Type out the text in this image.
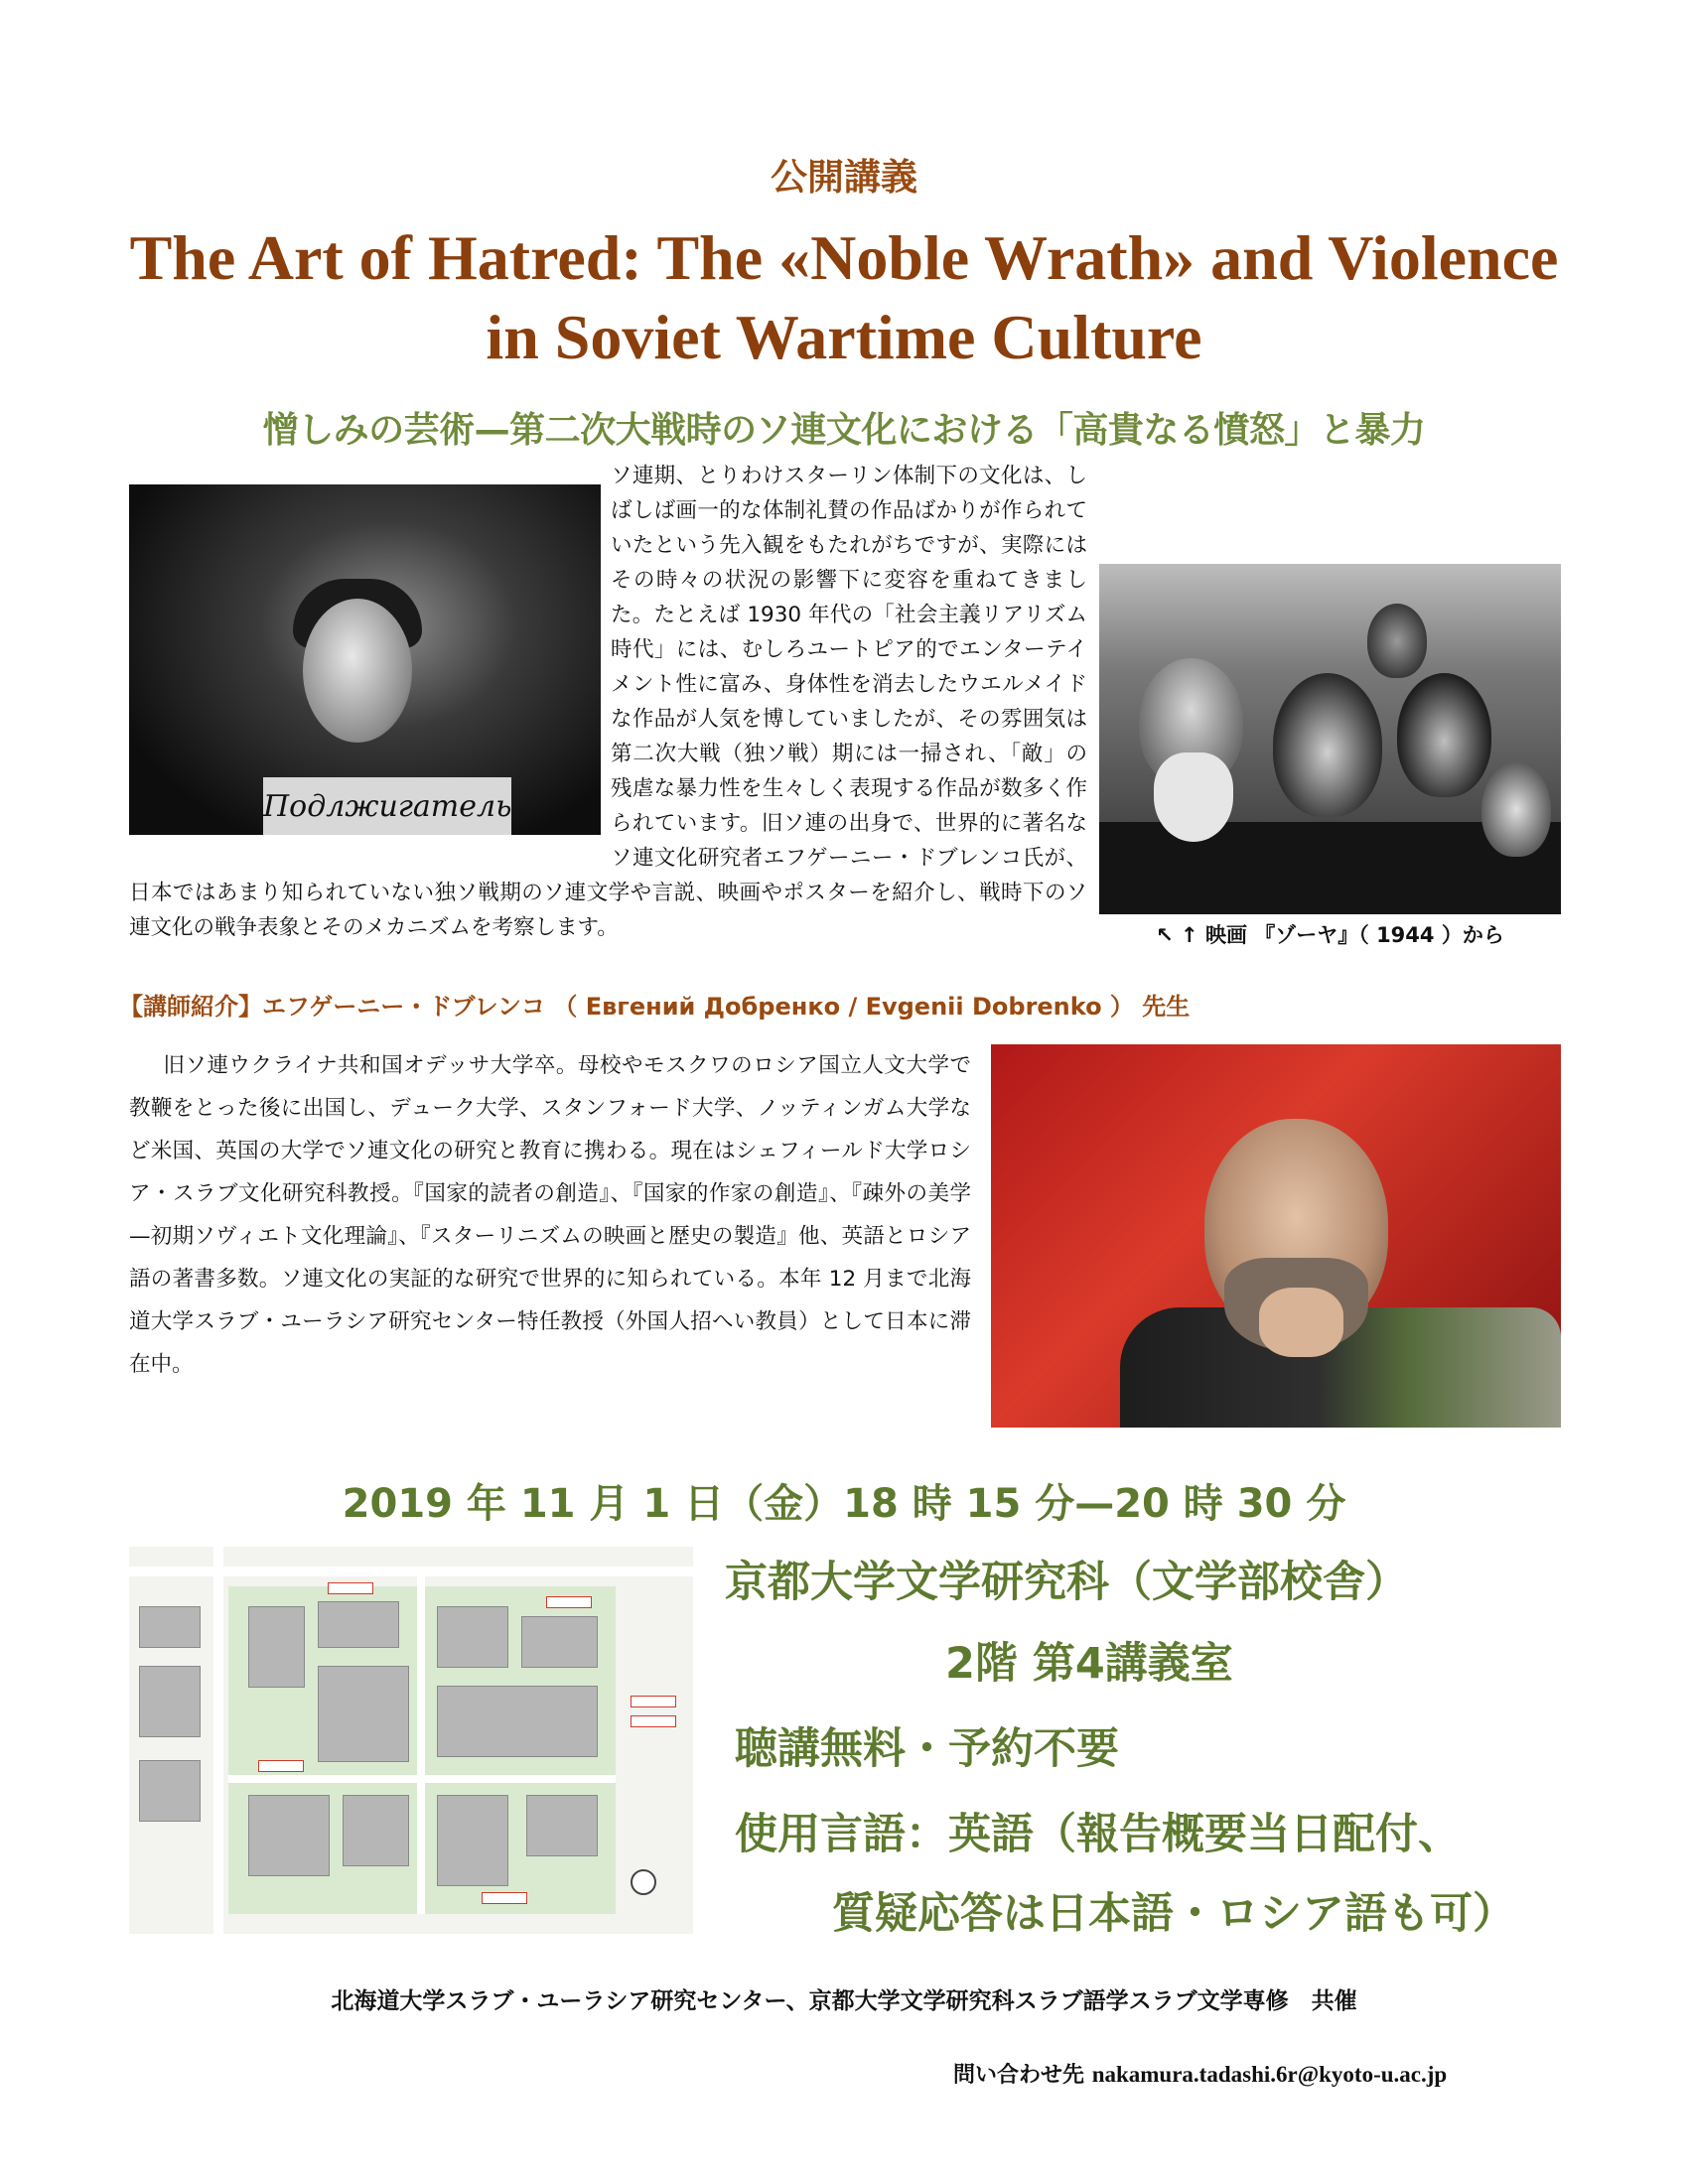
公開講義
The Art of Hatred: The «Noble Wrath» and Violence in Soviet Wartime Culture
憎しみの芸術—第二次大戦時のソ連文化における「高貴なる憤怒」と暴力
Подлжигатель

ソ連期、とりわけスターリン体制下の文化は、しばしば画一的な体制礼賛の作品ばかりが作られていたという先入観をもたれがちですが、実際にはその時々の状況の影響下に変容を重ねてきました。たとえば 1930 年代の「社会主義リアリズム時代」には、むしろユートピア的でエンターテイメント性に富み、身体性を消去したウエルメイドな作品が人気を博していましたが、その雰囲気は第二次大戦（独ソ戦）期には一掃され、「敵」の残虐な暴力性を生々しく表現する作品が数多く作られています。旧ソ連の出身で、世界的に著名なソ連文化研究者エフゲーニー・ドブレンコ氏が、日本ではあまり知られていない独ソ戦期のソ連文学や言説、映画やポスターを紹介し、戦時下のソ連文化の戦争表象とそのメカニズムを考察します。	↖ ↑ 映画 『ゾーヤ』（ 1944 ）から
【講師紹介】エフゲーニー・ドブレンコ （ Евгений Добренко / Evgenii Dobrenko ） 先生

旧ソ連ウクライナ共和国オデッサ大学卒。母校やモスクワのロシア国立人文大学で教鞭をとった後に出国し、デューク大学、スタンフォード大学、ノッティンガム大学など米国、英国の大学でソ連文化の研究と教育に携わる。現在はシェフィールド大学ロシア・スラブ文化研究科教授。『国家的読者の創造』、『国家的作家の創造』、『疎外の美学—初期ソヴィエト文化理論』、『スターリニズムの映画と歴史の製造』他、英語とロシア語の著書多数。ソ連文化の実証的な研究で世界的に知られている。本年 12 月まで北海道大学スラブ・ユーラシア研究センター特任教授（外国人招へい教員）として日本に滞在中。

2019 年 11 月 1 日（金）18 時 15 分—20 時 30 分
京都大学文学研究科（文学部校舎）
2階 第4講義室
聴講無料・予約不要
使用言語：英語（報告概要当日配付、
質疑応答は日本語・ロシア語も可）
北海道大学スラブ・ユーラシア研究センター、京都大学文学研究科スラブ語学スラブ文学専修　共催
問い合わせ先 nakamura.tadashi.6r@kyoto-u.ac.jp
